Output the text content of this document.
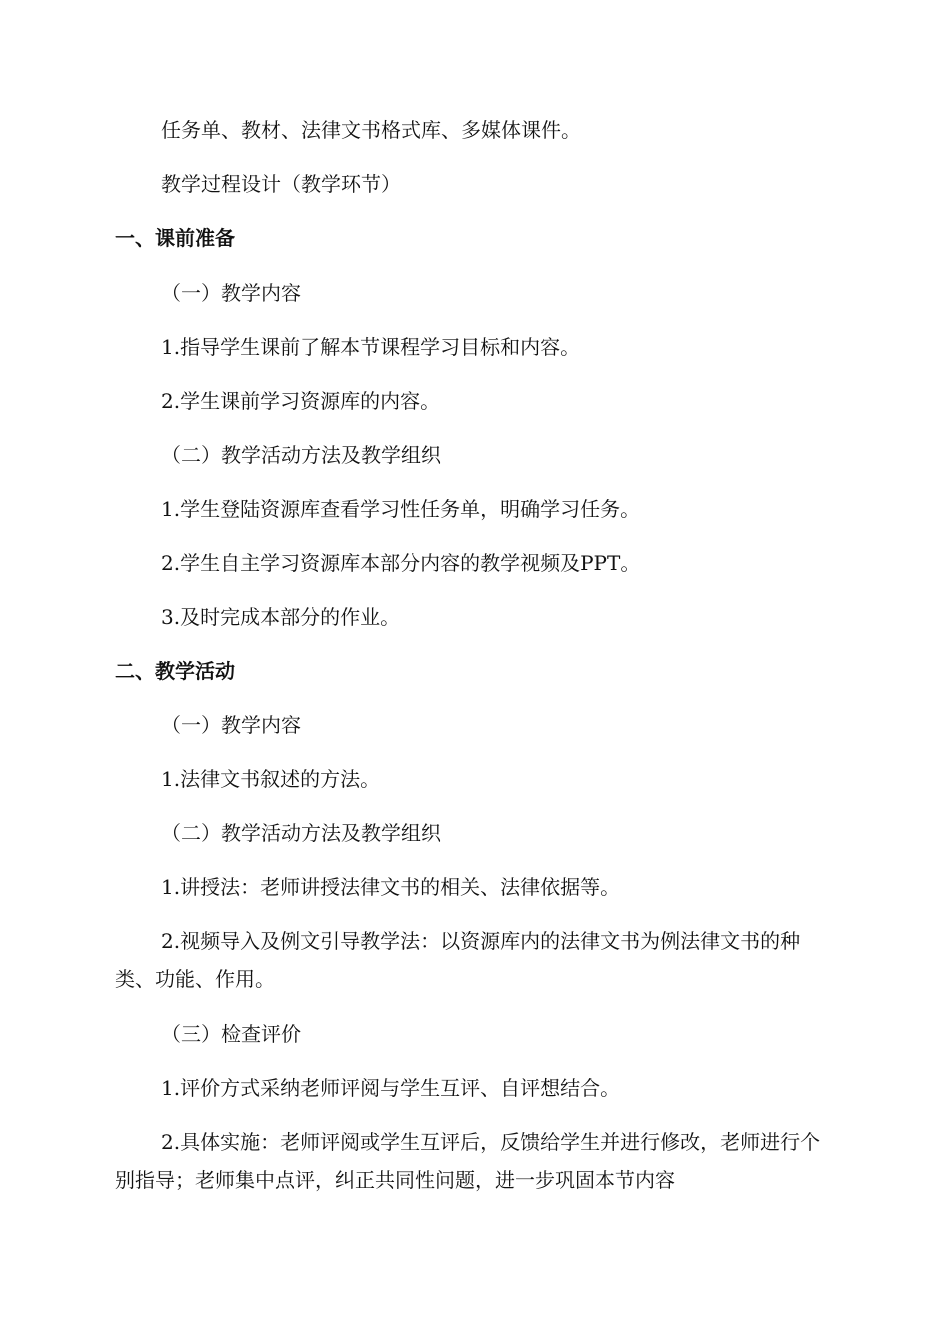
任务单、教材、法律文书格式库、多媒体课件。
教学过程设计（教学环节）
一、课前准备
（一）教学内容
1.指导学生课前了解本节课程学习目标和内容。
2.学生课前学习资源库的内容。
（二）教学活动方法及教学组织
1.学生登陆资源库查看学习性任务单，明确学习任务。
2.学生自主学习资源库本部分内容的教学视频及PPT。
3.及时完成本部分的作业。
二、教学活动
（一）教学内容
1.法律文书叙述的方法。
（二）教学活动方法及教学组织
1.讲授法：老师讲授法律文书的相关、法律依据等。
2.视频导入及例文引导教学法：以资源库内的法律文书为例法律文书的种类、功能、作用。
（三）检查评价
1.评价方式采纳老师评阅与学生互评、自评想结合。
2.具体实施：老师评阅或学生互评后，反馈给学生并进行修改，老师进行个别指导；老师集中点评，纠正共同性问题，进一步巩固本节内容
